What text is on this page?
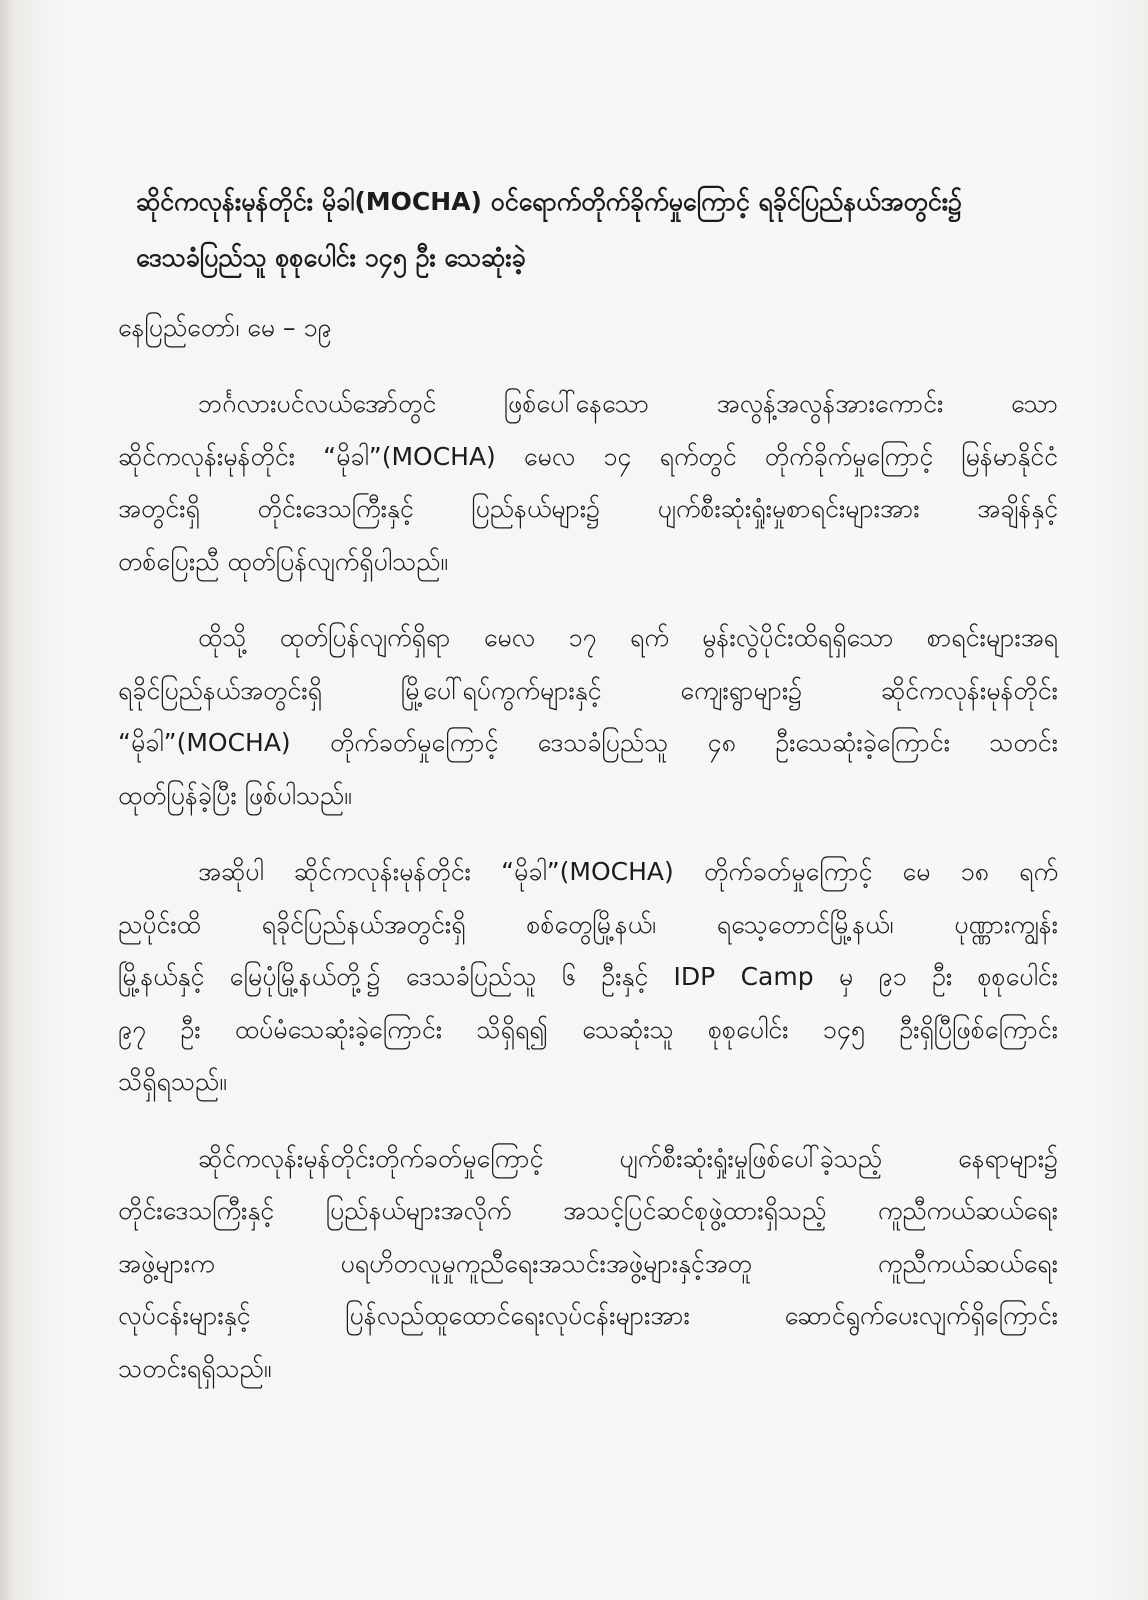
ဆိုင်ကလုန်းမုန်တိုင်း မိုခါ(MOCHA) ဝင်ရောက်တိုက်ခိုက်မှုကြောင့် ရခိုင်ပြည်နယ်အတွင်း၌
ဒေသခံပြည်သူ စုစုပေါင်း ၁၄၅ ဦး သေဆုံးခဲ့
နေပြည်တော်၊ မေ – ၁၉
ဘင်္ဂလားပင်လယ်အော်တွင် ဖြစ်ပေါ်နေသော အလွန့်အလွန်အားကောင်း သော
ဆိုင်ကလုန်းမုန်တိုင်း “မိုခါ”(MOCHA) မေလ ၁၄ ရက်တွင် တိုက်ခိုက်မှုကြောင့် မြန်မာနိုင်ငံ
အတွင်းရှိ တိုင်းဒေသကြီးနှင့် ပြည်နယ်များ၌ ပျက်စီးဆုံးရှုံးမှုစာရင်းများအား အချိန်နှင့်
တစ်ပြေးညီ ထုတ်ပြန်လျက်ရှိပါသည်။
ထိုသို့ ထုတ်ပြန်လျက်ရှိရာ မေလ ၁၇ ရက် မွန်းလွဲပိုင်းထိရရှိသော စာရင်းများအရ
ရခိုင်ပြည်နယ်အတွင်းရှိ မြို့ပေါ်ရပ်ကွက်များနှင့် ကျေးရွာများ၌ ဆိုင်ကလုန်းမုန်တိုင်း
“မိုခါ”(MOCHA) တိုက်ခတ်မှုကြောင့် ဒေသခံပြည်သူ ၄၈ ဦးသေဆုံးခဲ့ကြောင်း သတင်း
ထုတ်ပြန်ခဲ့ပြီး ဖြစ်ပါသည်။
အဆိုပါ ဆိုင်ကလုန်းမုန်တိုင်း “မိုခါ”(MOCHA) တိုက်ခတ်မှုကြောင့် မေ ၁၈ ရက်
ညပိုင်းထိ ရခိုင်ပြည်နယ်အတွင်းရှိ စစ်တွေမြို့နယ်၊ ရသေ့တောင်မြို့နယ်၊ ပုဏ္ဏားကျွန်း
မြို့နယ်နှင့် မြေပုံမြို့နယ်တို့၌ ဒေသခံပြည်သူ ၆ ဦးနှင့် IDP Camp မှ ၉၁ ဦး စုစုပေါင်း
၉၇ ဦး ထပ်မံသေဆုံးခဲ့ကြောင်း သိရှိရ၍ သေဆုံးသူ စုစုပေါင်း ၁၄၅ ဦးရှိပြီဖြစ်ကြောင်း
သိရှိရသည်။
ဆိုင်ကလုန်းမုန်တိုင်းတိုက်ခတ်မှုကြောင့် ပျက်စီးဆုံးရှုံးမှုဖြစ်ပေါ်ခဲ့သည့် နေရာများ၌
တိုင်းဒေသကြီးနှင့် ပြည်နယ်များအလိုက် အသင့်ပြင်ဆင်စုဖွဲ့ထားရှိသည့် ကူညီကယ်ဆယ်ရေး
အဖွဲ့များက ပရဟိတလူမှုကူညီရေးအသင်းအဖွဲ့များနှင့်အတူ ကူညီကယ်ဆယ်ရေး
လုပ်ငန်းများနှင့် ပြန်လည်ထူထောင်ရေးလုပ်ငန်းများအား ဆောင်ရွက်ပေးလျက်ရှိကြောင်း
သတင်းရရှိသည်။
